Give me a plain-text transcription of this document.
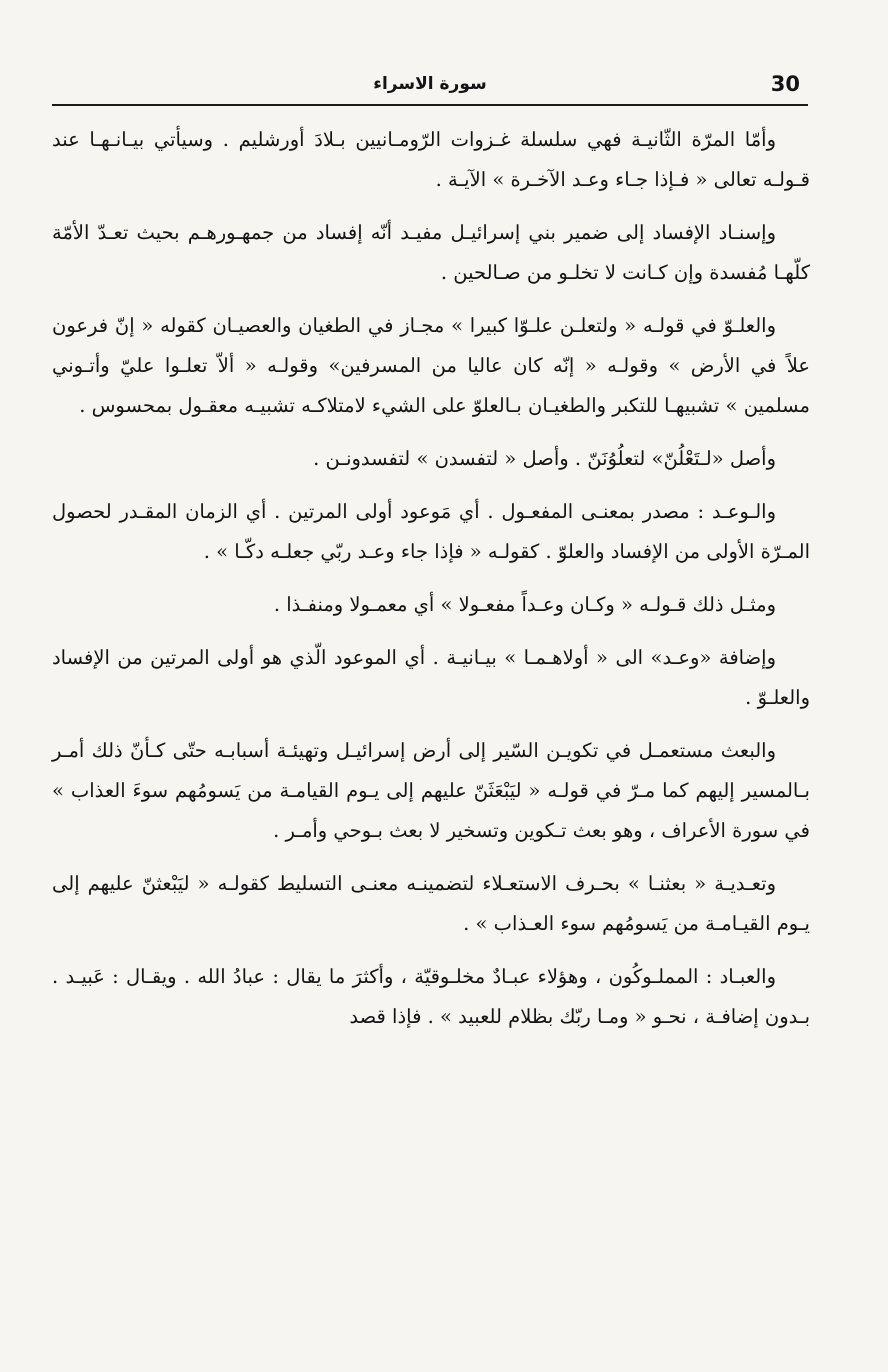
30
سورة الاسراء

وأمّا المرّة الثّانيـة فهي سلسلة غـزوات الرّومـانيين بـلادَ أورشليم . وسيأتي بيـانـهـا عند قـولـه تعالى « فـإذا جـاء وعـد الآخـرة » الآيـة .

وإسنـاد الإفساد إلى ضمير بني إسرائيـل مفيـد أنّه إفساد من جمهـورهـم بحيث تعـدّ الأمّة كلّهـا مُفسدة وإن كـانت لا تخلـو من صـالحين .

والعلـوّ في قولـه « ولتعلـن علـوّا كبيرا » مجـاز في الطغيان والعصيـان كقوله « إنّ فرعون علاً في الأرض » وقولـه « إنّه كان عاليا من المسرفين» وقولـه « ألاّ تعلـوا عليّ وأتـوني مسلمين » تشبيهـا للتكبر والطغيـان بـالعلوّ على الشيء لامتلاكـه تشبيـه معقـول بمحسوس .

وأصل «لـتَعْلُنّ» لتعلُوُنَنّ . وأصل « لتفسدن » لتفسدونـن .

والـوعـد : مصدر بمعنـى المفعـول . أي مَوعود أولى المرتين . أي الزمان المقـدر لحصول المـرّة الأولى من الإفساد والعلوّ . كقولـه « فإذا جاء وعـد ربّي جعلـه دكّـا » .

ومثـل ذلك قـولـه « وكـان وعـداً مفعـولا » أي معمـولا ومنفـذا .

وإضافة «وعـد» الى « أولاهـمـا » بيـانيـة . أي الموعود الّذي هو أولى المرتين من الإفساد والعلـوّ .

والبعث مستعمـل في تكويـن السّير إلى أرض إسرائيـل وتهيئـة أسبابـه حتّى كـأنّ ذلك أمـر بـالمسير إليهم كما مـرّ في قولـه « ليَبْعَثَنّ عليهم إلى يـوم القيامـة من يَسومُهم سوءَ العذاب » في سورة الأعراف ، وهو بعث تـكوين وتسخير لا بعث بـوحي وأمـر .

وتعـديـة « بعثنـا » بحـرف الاستعـلاء لتضمينـه معنـى التسليط كقولـه « ليَبْعثنّ عليهم إلى يـوم القيـامـة من يَسومُهم سوء العـذاب » .

والعبـاد : المملـوكُون ، وهؤلاء عبـادٌ مخلـوقيّة ، وأكثرَ ما يقال : عبادُ الله . ويقـال : عَبيـد . بـدون إضافـة ، نحـو « ومـا ربّك بظلام للعبيد » . فإذا قصد
